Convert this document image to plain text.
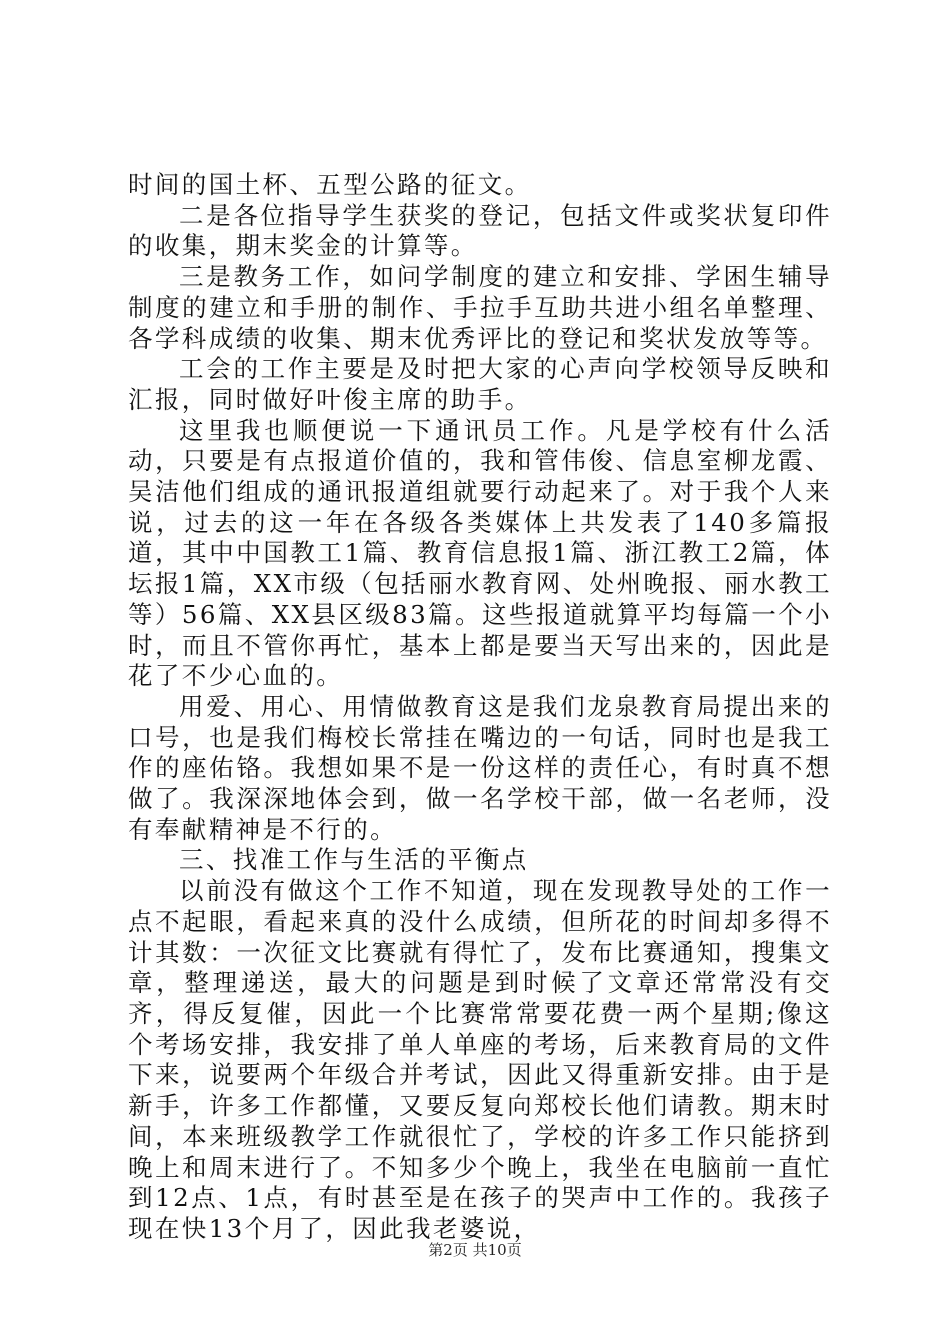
时间的国土杯、五型公路的征文。

二是各位指导学生获奖的登记，包括文件或奖状复印件的收集，期末奖金的计算等。

三是教务工作，如问学制度的建立和安排、学困生辅导制度的建立和手册的制作、手拉手互助共进小组名单整理、各学科成绩的收集、期末优秀评比的登记和奖状发放等等。

工会的工作主要是及时把大家的心声向学校领导反映和汇报，同时做好叶俊主席的助手。

这里我也顺便说一下通讯员工作。凡是学校有什么活动，只要是有点报道价值的，我和管伟俊、信息室柳龙霞、吴洁他们组成的通讯报道组就要行动起来了。对于我个人来说，过去的这一年在各级各类媒体上共发表了140多篇报道，其中中国教工1篇、教育信息报1篇、浙江教工2篇，体坛报1篇，XX市级（包括丽水教育网、处州晚报、丽水教工等）56篇、XX县区级83篇。这些报道就算平均每篇一个小时，而且不管你再忙，基本上都是要当天写出来的，因此是花了不少心血的。

用爱、用心、用情做教育这是我们龙泉教育局提出来的口号，也是我们梅校长常挂在嘴边的一句话，同时也是我工作的座佑铬。我想如果不是一份这样的责任心，有时真不想做了。我深深地体会到，做一名学校干部，做一名老师，没有奉献精神是不行的。

三、找准工作与生活的平衡点

以前没有做这个工作不知道，现在发现教导处的工作一点不起眼，看起来真的没什么成绩，但所花的时间却多得不计其数：一次征文比赛就有得忙了，发布比赛通知，搜集文章，整理递送，最大的问题是到时候了文章还常常没有交齐，得反复催，因此一个比赛常常要花费一两个星期;像这个考场安排，我安排了单人单座的考场，后来教育局的文件下来，说要两个年级合并考试，因此又得重新安排。由于是新手，许多工作都懂，又要反复向郑校长他们请教。期末时间，本来班级教学工作就很忙了，学校的许多工作只能挤到晚上和周末进行了。不知多少个晚上，我坐在电脑前一直忙到12点、1点，有时甚至是在孩子的哭声中工作的。我孩子现在快13个月了，因此我老婆说，

第2页 共10页
